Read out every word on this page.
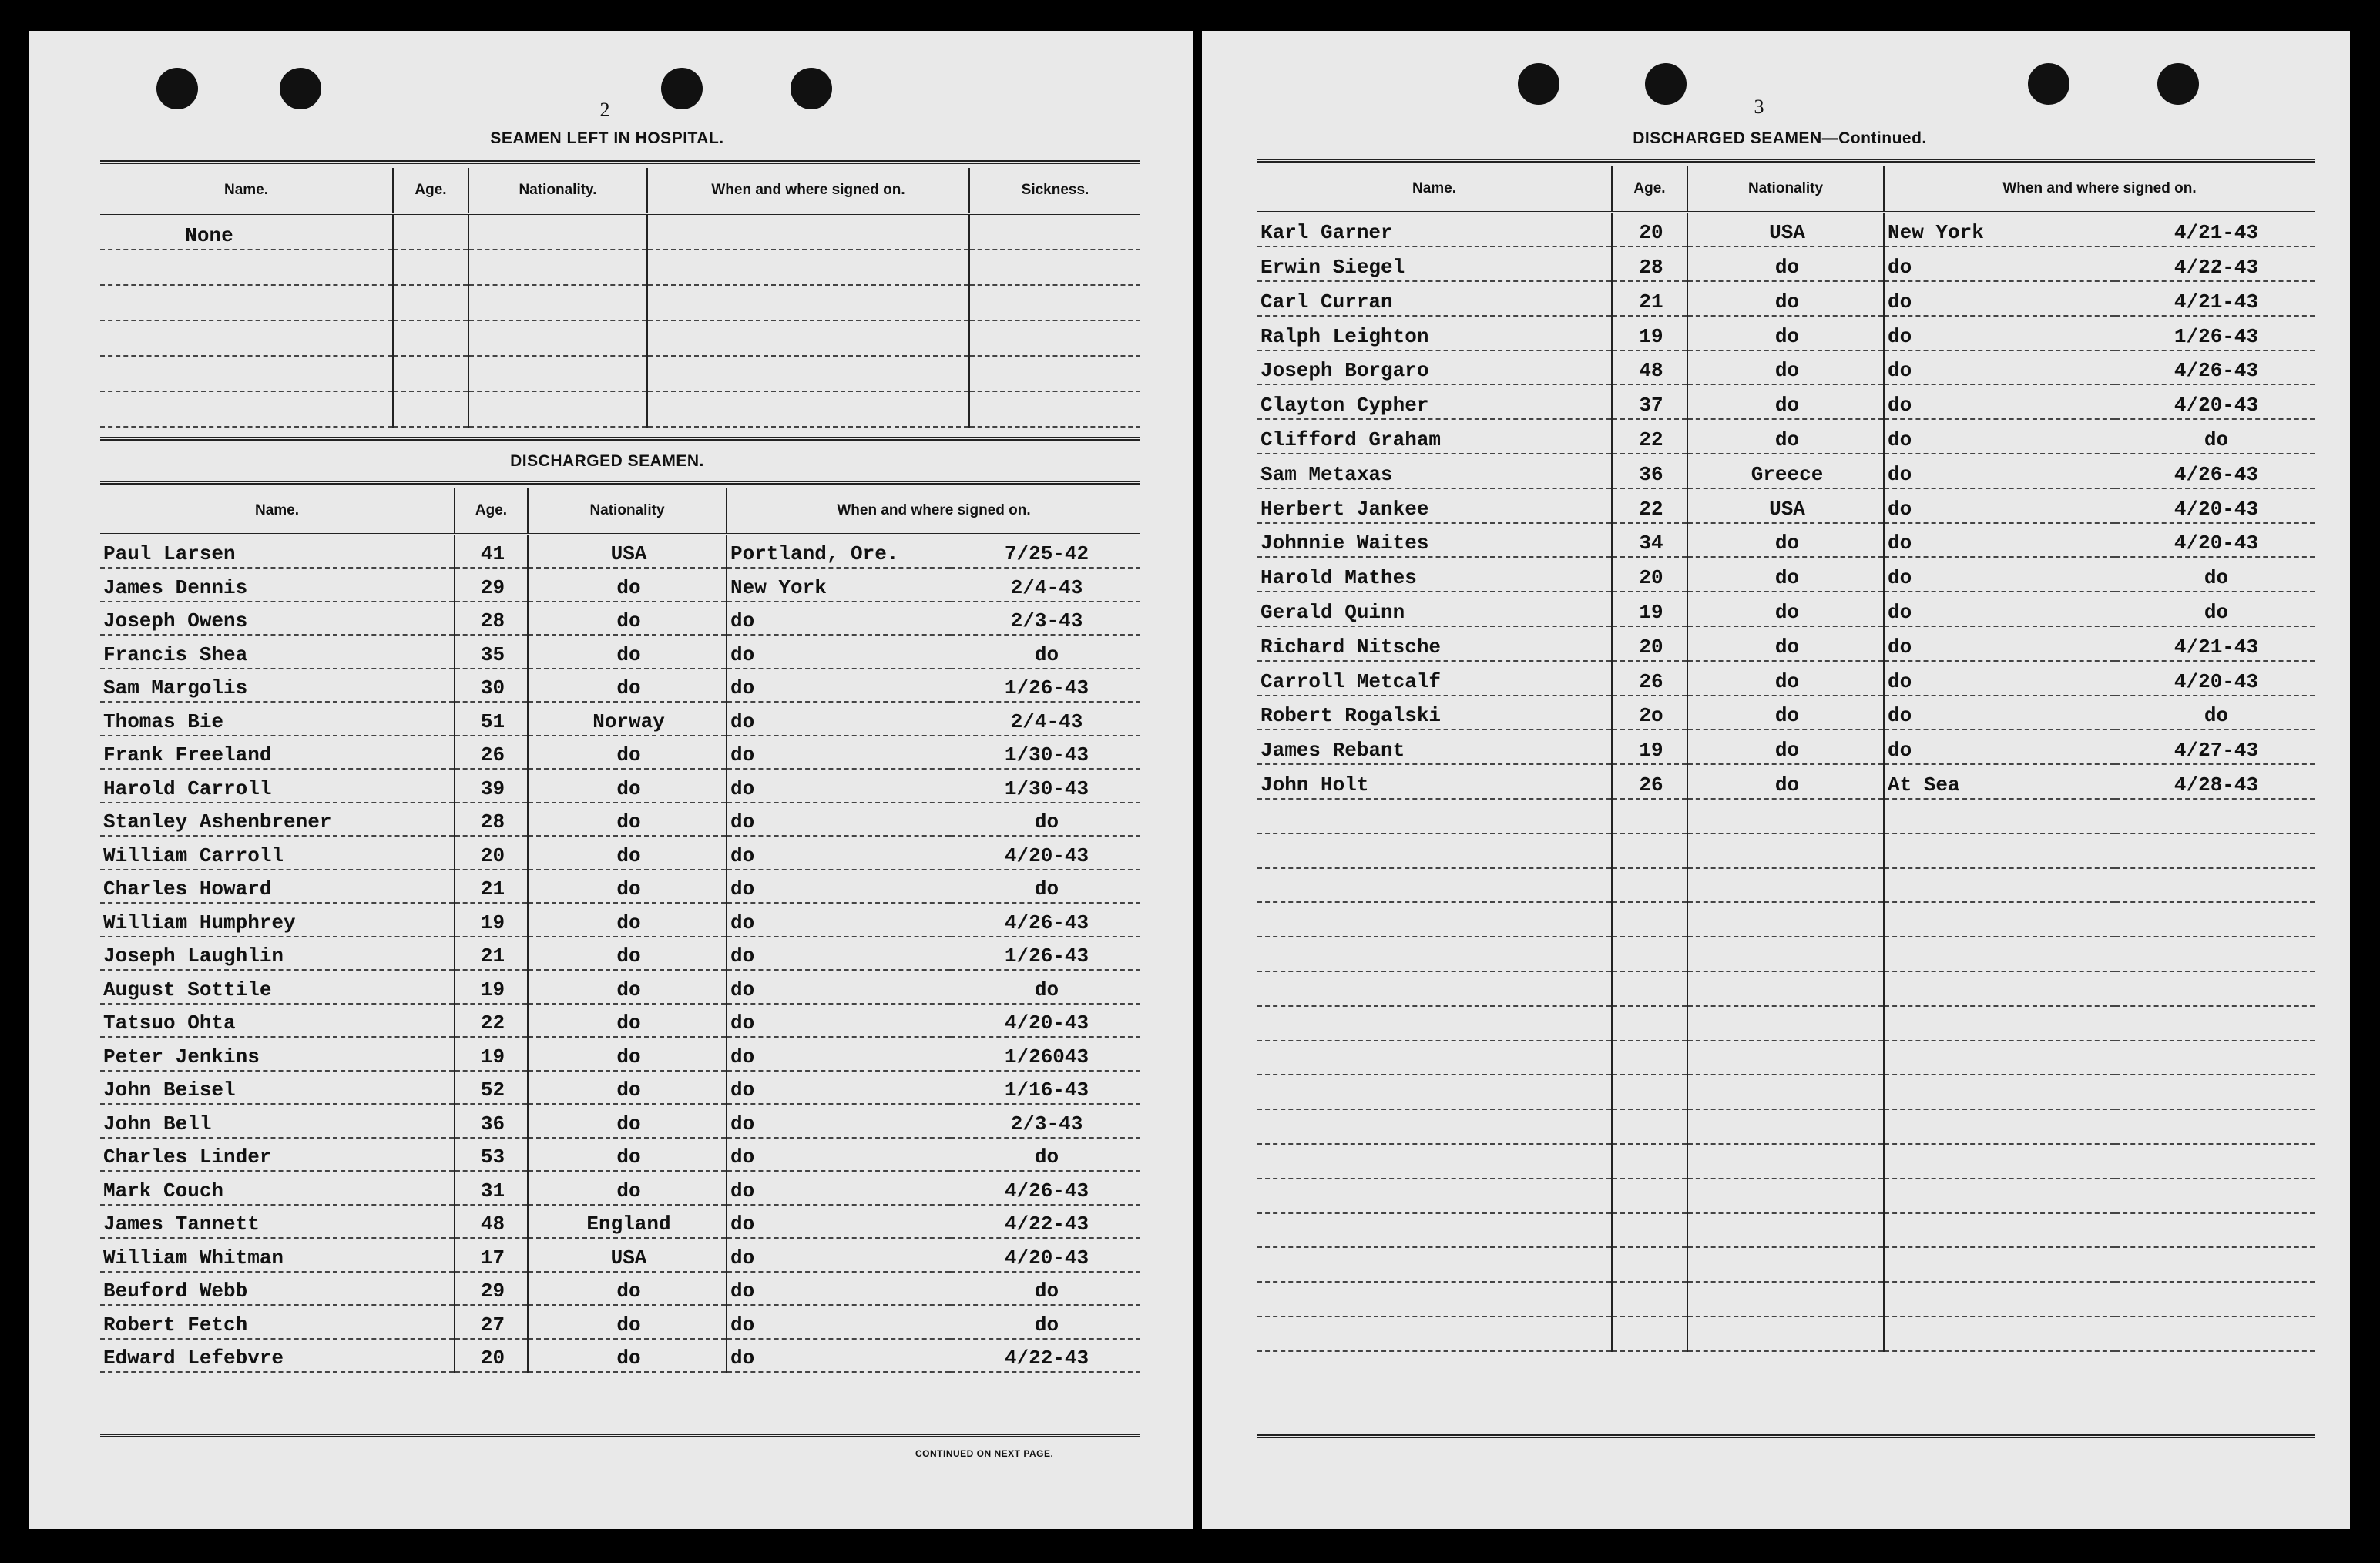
2
SEAMEN LEFT IN HOSPITAL.
Name.	Age.	Nationality.	When and where signed on.	Sickness.
None				

DISCHARGED SEAMEN.
Name.	Age.	Nationality	When and where signed on.	
Paul Larsen	41	USA	Portland, Ore.	7/25-42
James Dennis	29	do	New York	2/4-43
Joseph Owens	28	do	do	2/3-43
Francis Shea	35	do	do	do
Sam Margolis	30	do	do	1/26-43
Thomas Bie	51	Norway	do	2/4-43
Frank Freeland	26	do	do	1/30-43
Harold Carroll	39	do	do	1/30-43
Stanley Ashenbrener	28	do	do	do
William Carroll	20	do	do	4/20-43
Charles Howard	21	do	do	do
William Humphrey	19	do	do	4/26-43
Joseph Laughlin	21	do	do	1/26-43
August Sottile	19	do	do	do
Tatsuo Ohta	22	do	do	4/20-43
Peter Jenkins	19	do	do	1/26043
John Beisel	52	do	do	1/16-43
John Bell	36	do	do	2/3-43
Charles Linder	53	do	do	do
Mark Couch	31	do	do	4/26-43
James Tannett	48	England	do	4/22-43
William Whitman	17	USA	do	4/20-43
Beuford Webb	29	do	do	do
Robert Fetch	27	do	do	do
Edward Lefebvre	20	do	do	4/22-43
CONTINUED ON NEXT PAGE.
3
DISCHARGED SEAMEN—Continued.
Name.	Age.	Nationality	When and where signed on.	
Karl Garner	20	USA	New York	4/21-43
Erwin Siegel	28	do	do	4/22-43
Carl Curran	21	do	do	4/21-43
Ralph Leighton	19	do	do	1/26-43
Joseph Borgaro	48	do	do	4/26-43
Clayton Cypher	37	do	do	4/20-43
Clifford Graham	22	do	do	do
Sam Metaxas	36	Greece	do	4/26-43
Herbert Jankee	22	USA	do	4/20-43
Johnnie Waites	34	do	do	4/20-43
Harold Mathes	20	do	do	do
Gerald Quinn	19	do	do	do
Richard Nitsche	20	do	do	4/21-43
Carroll Metcalf	26	do	do	4/20-43
Robert Rogalski	2o	do	do	do
James Rebant	19	do	do	4/27-43
John Holt	26	do	At Sea	4/28-43
